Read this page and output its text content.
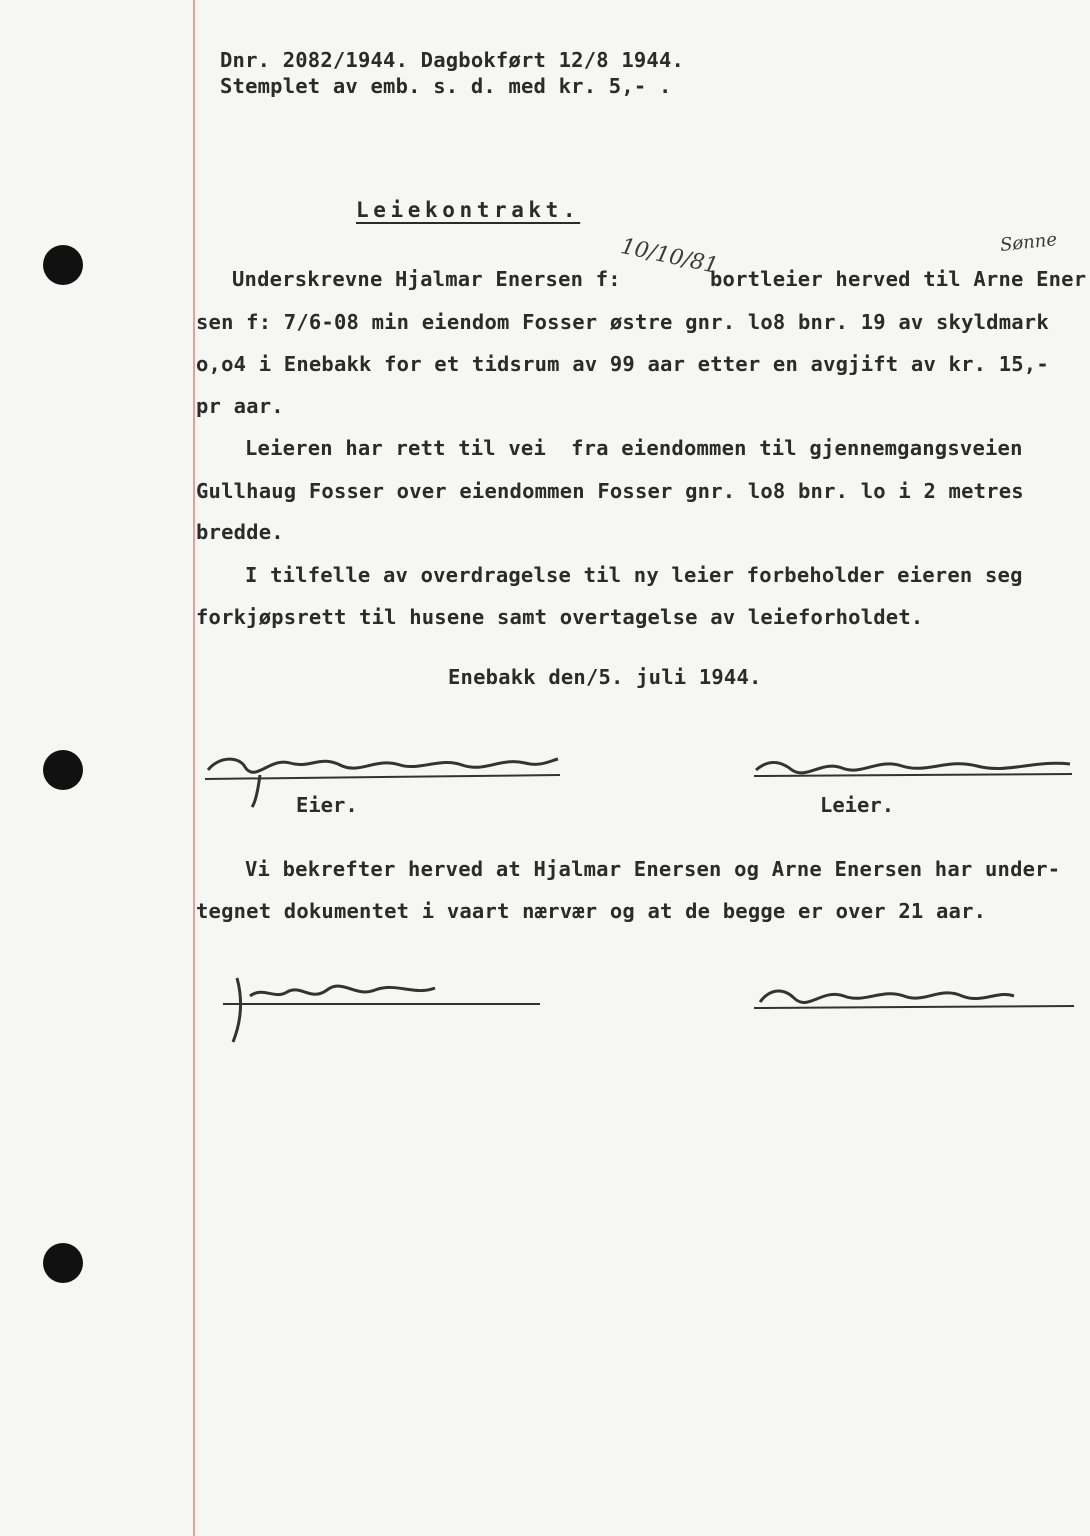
Dnr. 2082/1944. Dagbokført 12/8 1944.
Stemplet av emb. s. d. med kr. 5,- .
Leiekontrakt.
Sønne
10/10/81
Underskrevne Hjalmar Enersen f:	bortleier herved til Arne Ener
sen f: 7/6-08 min eiendom Fosser østre gnr. lo8 bnr. 19 av skyldmark
o,o4 i Enebakk for et tidsrum av 99 aar etter en avgjift av kr. 15,-
pr aar.
Leieren har rett til vei  fra eiendommen til gjennemgangsveien
Gullhaug Fosser over eiendommen Fosser gnr. lo8 bnr. lo i 2 metres
bredde.
I tilfelle av overdragelse til ny leier forbeholder eieren seg
forkjøpsrett til husene samt overtagelse av leieforholdet.
Enebakk den/5. juli 1944.
Eier.	Leier.
Vi bekrefter herved at Hjalmar Enersen og Arne Enersen har under-
tegnet dokumentet i vaart nærvær og at de begge er over 21 aar.
